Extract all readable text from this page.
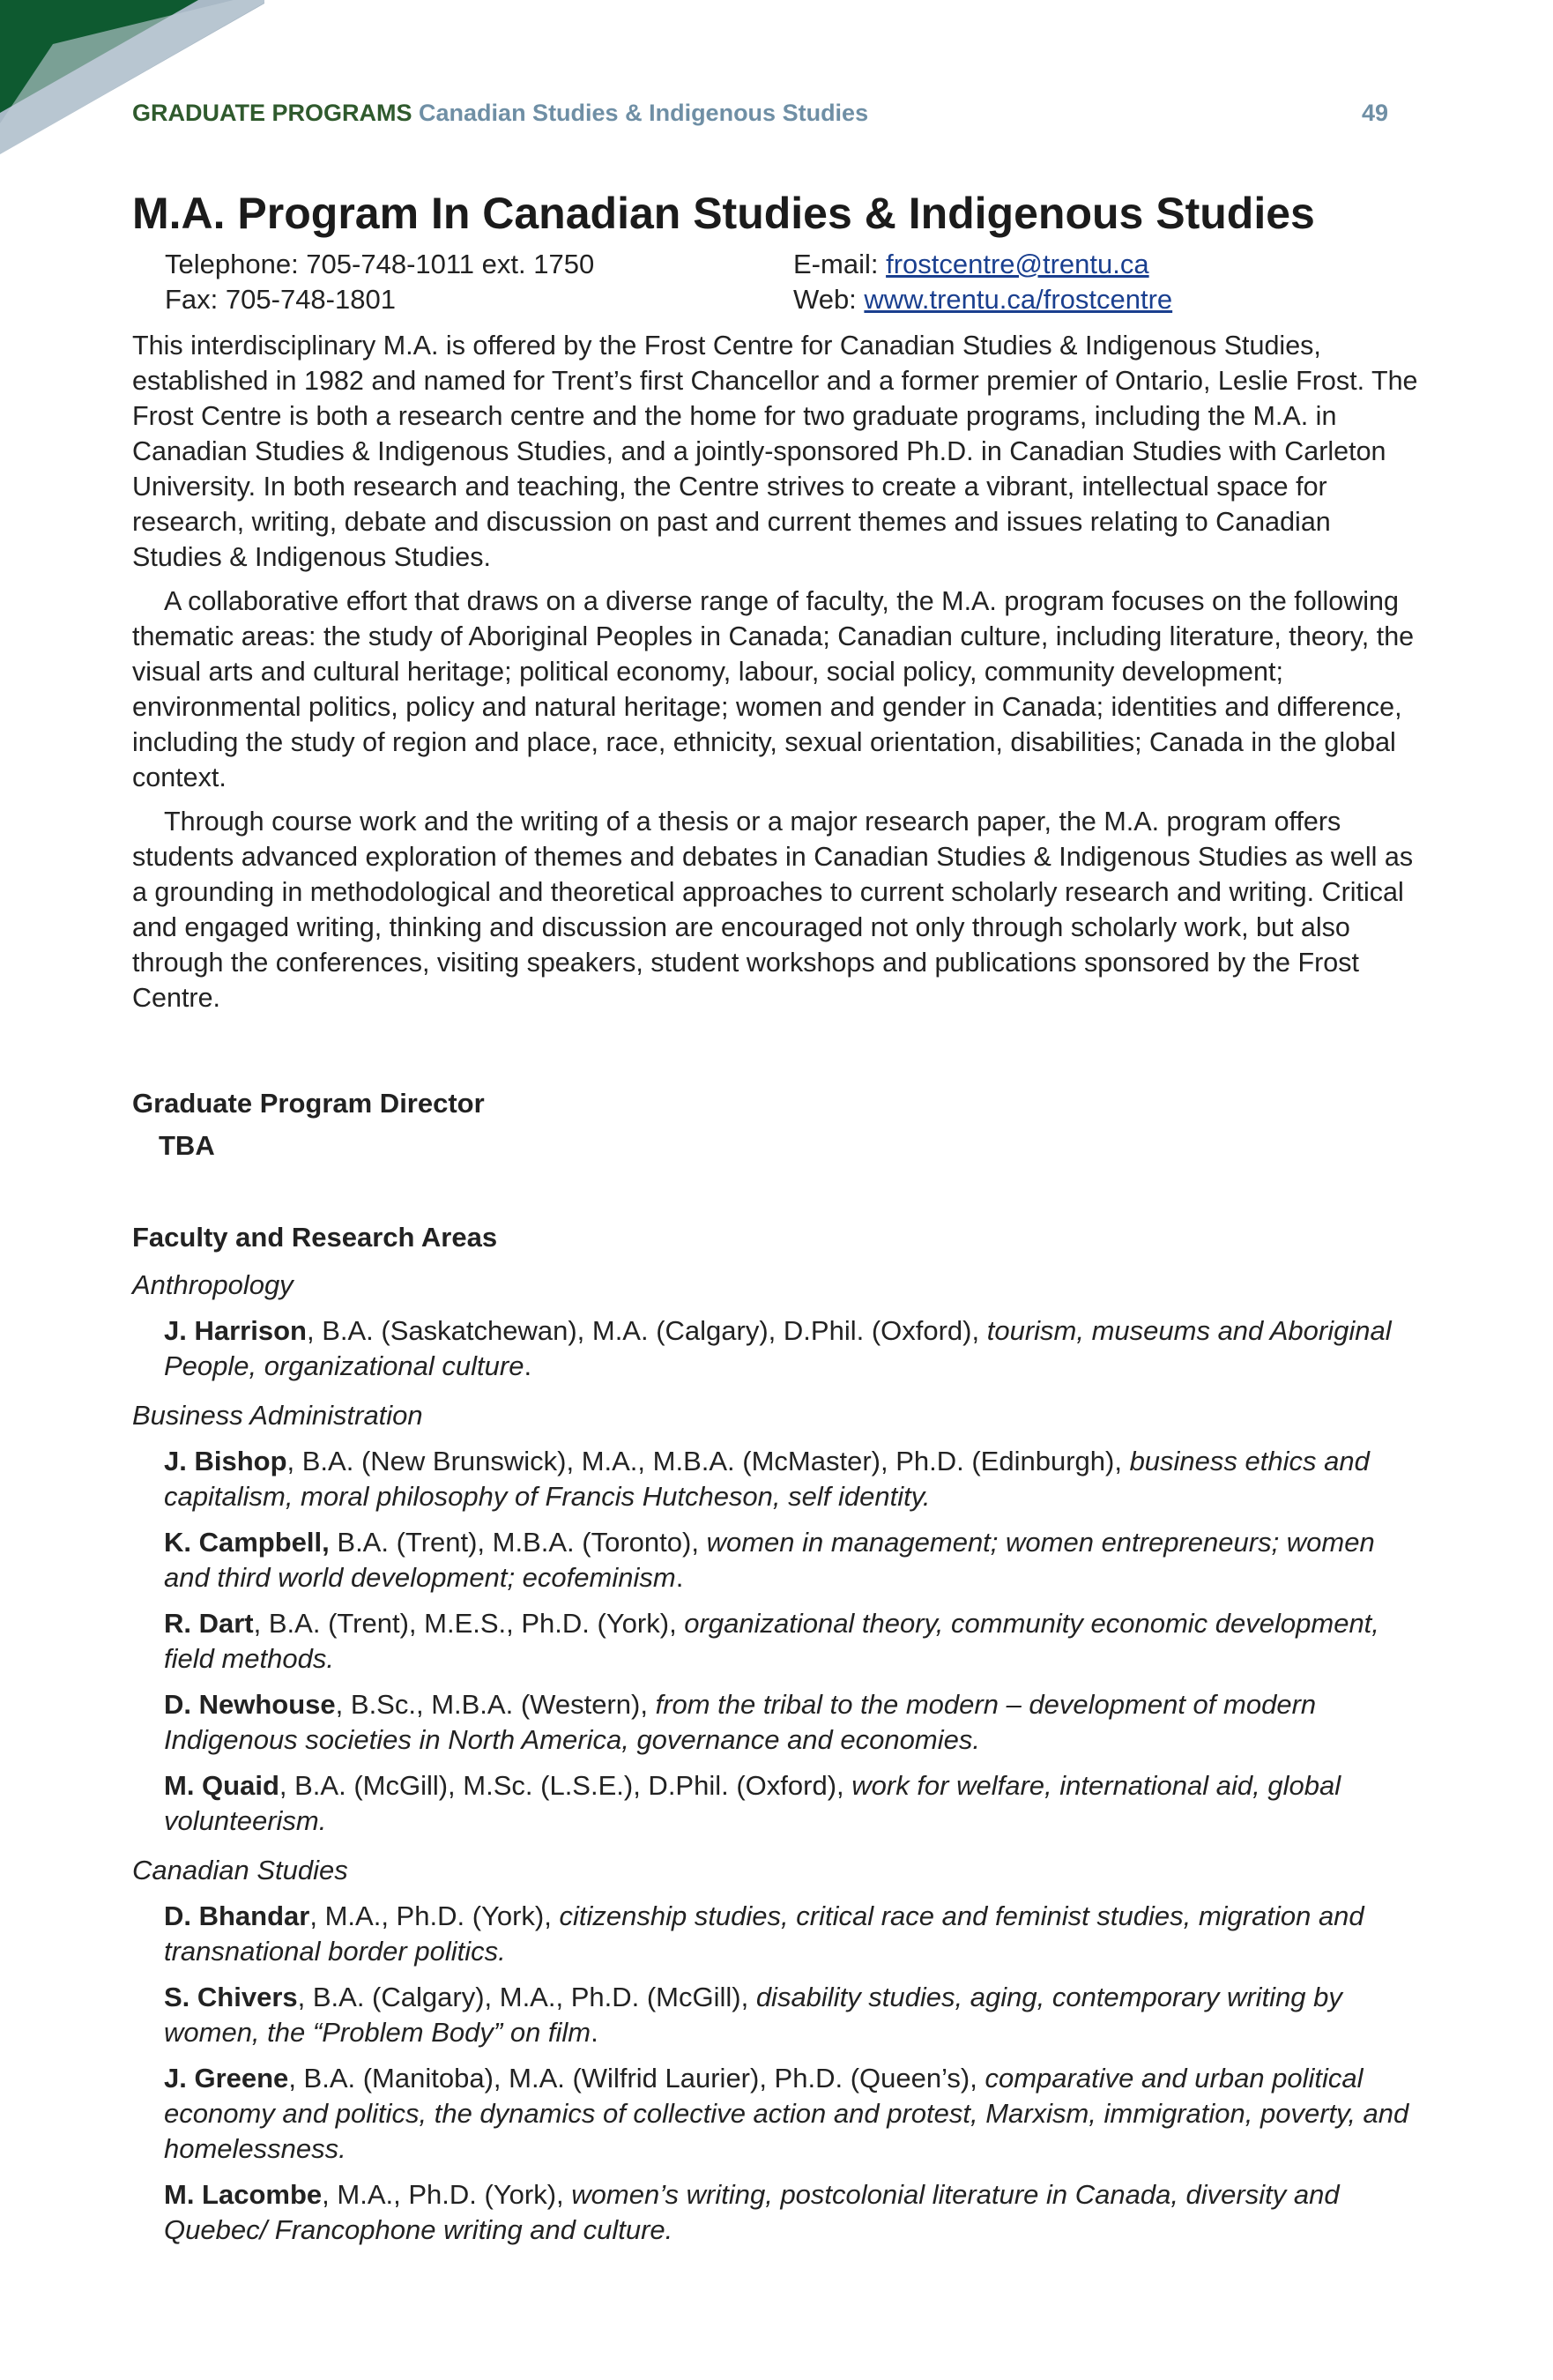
GRADUATE PROGRAMS Canadian Studies & Indigenous Studies	49
M.A. Program In Canadian Studies & Indigenous Studies
Telephone: 705-748-1011 ext. 1750
Fax: 705-748-1801
E-mail: frostcentre@trentu.ca
Web: www.trentu.ca/frostcentre

This interdisciplinary M.A. is offered by the Frost Centre for Canadian Studies & Indigenous Studies, established in 1982 and named for Trent’s first Chancellor and a former premier of Ontario, Leslie Frost. The Frost Centre is both a research centre and the home for two graduate programs, including the M.A. in Canadian Studies & Indigenous Studies, and a jointly-sponsored Ph.D. in Canadian Studies with Carleton University. In both research and teaching, the Centre strives to create a vibrant, intellectual space for research, writing, debate and discussion on past and current themes and issues relating to Canadian Studies & Indigenous Studies.

A collaborative effort that draws on a diverse range of faculty, the M.A. program focuses on the following thematic areas: the study of Aboriginal Peoples in Canada; Canadian culture, including literature, theory, the visual arts and cultural heritage; political economy, labour, social policy, community development; environmental politics, policy and natural heritage; women and gender in Canada; identities and difference, including the study of region and place, race, ethnicity, sexual orientation, disabilities; Canada in the global context.

Through course work and the writing of a thesis or a major research paper, the M.A. program offers students advanced exploration of themes and debates in Canadian Studies & Indigenous Studies as well as a grounding in methodological and theoretical approaches to current scholarly research and writing. Critical and engaged writing, thinking and discussion are encouraged not only through scholarly work, but also through the conferences, visiting speakers, student workshops and publications sponsored by the Frost Centre.

Graduate Program Director
TBA
Faculty and Research Areas
Anthropology
J. Harrison, B.A. (Saskatchewan), M.A. (Calgary), D.Phil. (Oxford), tourism, museums and Aboriginal People, organizational culture.
Business Administration
J. Bishop, B.A. (New Brunswick), M.A., M.B.A. (McMaster), Ph.D. (Edinburgh), business ethics and capitalism, moral philosophy of Francis Hutcheson, self identity.
K. Campbell, B.A. (Trent), M.B.A. (Toronto), women in management; women entrepreneurs; women and third world development; ecofeminism.
R. Dart, B.A. (Trent), M.E.S., Ph.D. (York), organizational theory, community economic development, field methods.
D. Newhouse, B.Sc., M.B.A. (Western), from the tribal to the modern – development of modern Indigenous societies in North America, governance and economies.
M. Quaid, B.A. (McGill), M.Sc. (L.S.E.), D.Phil. (Oxford), work for welfare, international aid, global volunteerism.
Canadian Studies
D. Bhandar, M.A., Ph.D. (York), citizenship studies, critical race and feminist studies, migration and transnational border politics.
S. Chivers, B.A. (Calgary), M.A., Ph.D. (McGill), disability studies, aging, contemporary writing by women, the “Problem Body” on film.
J. Greene, B.A. (Manitoba), M.A. (Wilfrid Laurier), Ph.D. (Queen’s), comparative and urban political economy and politics, the dynamics of collective action and protest, Marxism, immigration, poverty, and homelessness.
M. Lacombe, M.A., Ph.D. (York), women’s writing, postcolonial literature in Canada, diversity and Quebec/ Francophone writing and culture.
